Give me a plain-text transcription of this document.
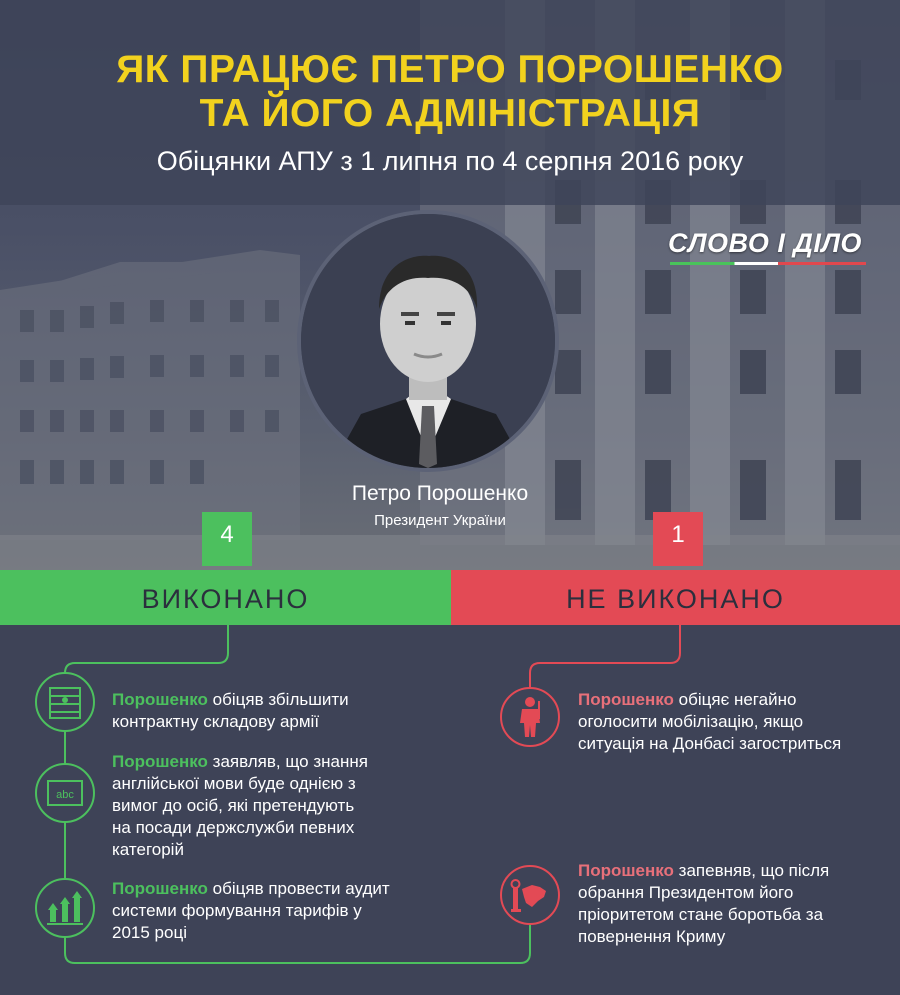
ЯК ПРАЦЮЄ ПЕТРО ПОРОШЕНКО
ТА ЙОГО АДМІНІСТРАЦІЯ
Обіцянки АПУ з 1 липня по 4 серпня 2016 року
СЛОВО І ДІЛО
Петро Порошенко
Президент України
4	1
ВИКОНАНО	НЕ ВИКОНАНО
abc
Порошенко обіцяв збільшити контрактну складову армії
Порошенко заявляв, що знання англійської мови буде однією з вимог до осіб, які претендують на посади держслужби певних категорій
Порошенко обіцяв провести аудит системи формування тарифів у 2015 році
Порошенко обіцяє негайно оголосити мобілізацію, якщо ситуація на Донбасі загостриться
Порошенко запевняв, що після обрання Президентом його пріоритетом стане боротьба за повернення Криму
